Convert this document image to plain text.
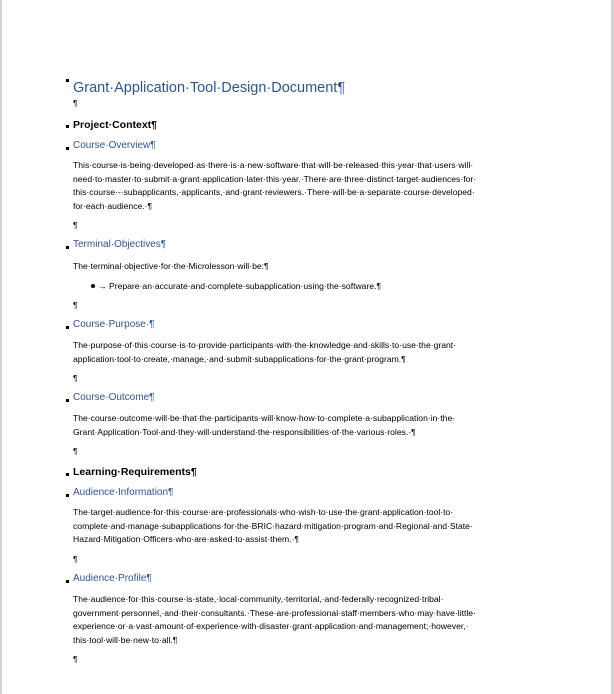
Grant·Application·Tool·Design·Document¶
¶
Project·Context¶
Course·Overview¶
This·course·is·being·developed·as·there·is·a·new·software·that·will·be·released·this·year·that·users·will·
need·to·master·to·submit·a·grant·application·later·this·year.·There·are·three·distinct·target·audiences·for·
this·course·-·subapplicants,·applicants,·and·grant·reviewers.·There·will·be·a·separate·course·developed·
for·each·audience.·¶
¶
Terminal·Objectives¶
The·terminal·objective·for·the·Microlesson·will·be:¶
→ Prepare·an·accurate·and·complete·subapplication·using·the·software.¶
¶
Course·Purpose·¶
The·purpose·of·this·course·is·to·provide·participants·with·the·knowledge·and·skills·to·use·the·grant·
application·tool·to·create,·manage,·and·submit·subapplications·for·the·grant·program.¶
¶
Course·Outcome¶
The·course·outcome·will·be·that·the·participants·will·know·how·to·complete·a·subapplication·in·the·
Grant·Application·Tool·and·they·will·understand·the·responsibilities·of·the·various·roles.·¶
¶
Learning·Requirements¶
Audience·Information¶
The·target·audience·for·this·course·are·professionals·who·wish·to·use·the·grant·application·tool·to·
complete·and·manage·subapplications·for·the·BRIC·hazard·mitigation·program·and·Regional·and·State·
Hazard·Mitigation·Officers·who·are·asked·to·assist·them.·¶
¶
Audience·Profile¶
The·audience·for·this·course·is·state,·local·community,·territorial,·and·federally·recognized·tribal·
government·personnel,·and·their·consultants.·These·are·professional·staff·members·who·may·have·little·
experience·or·a·vast·amount·of·experience·with·disaster·grant·application·and·management;·however,·
this·tool·will·be·new·to·all.¶
¶
